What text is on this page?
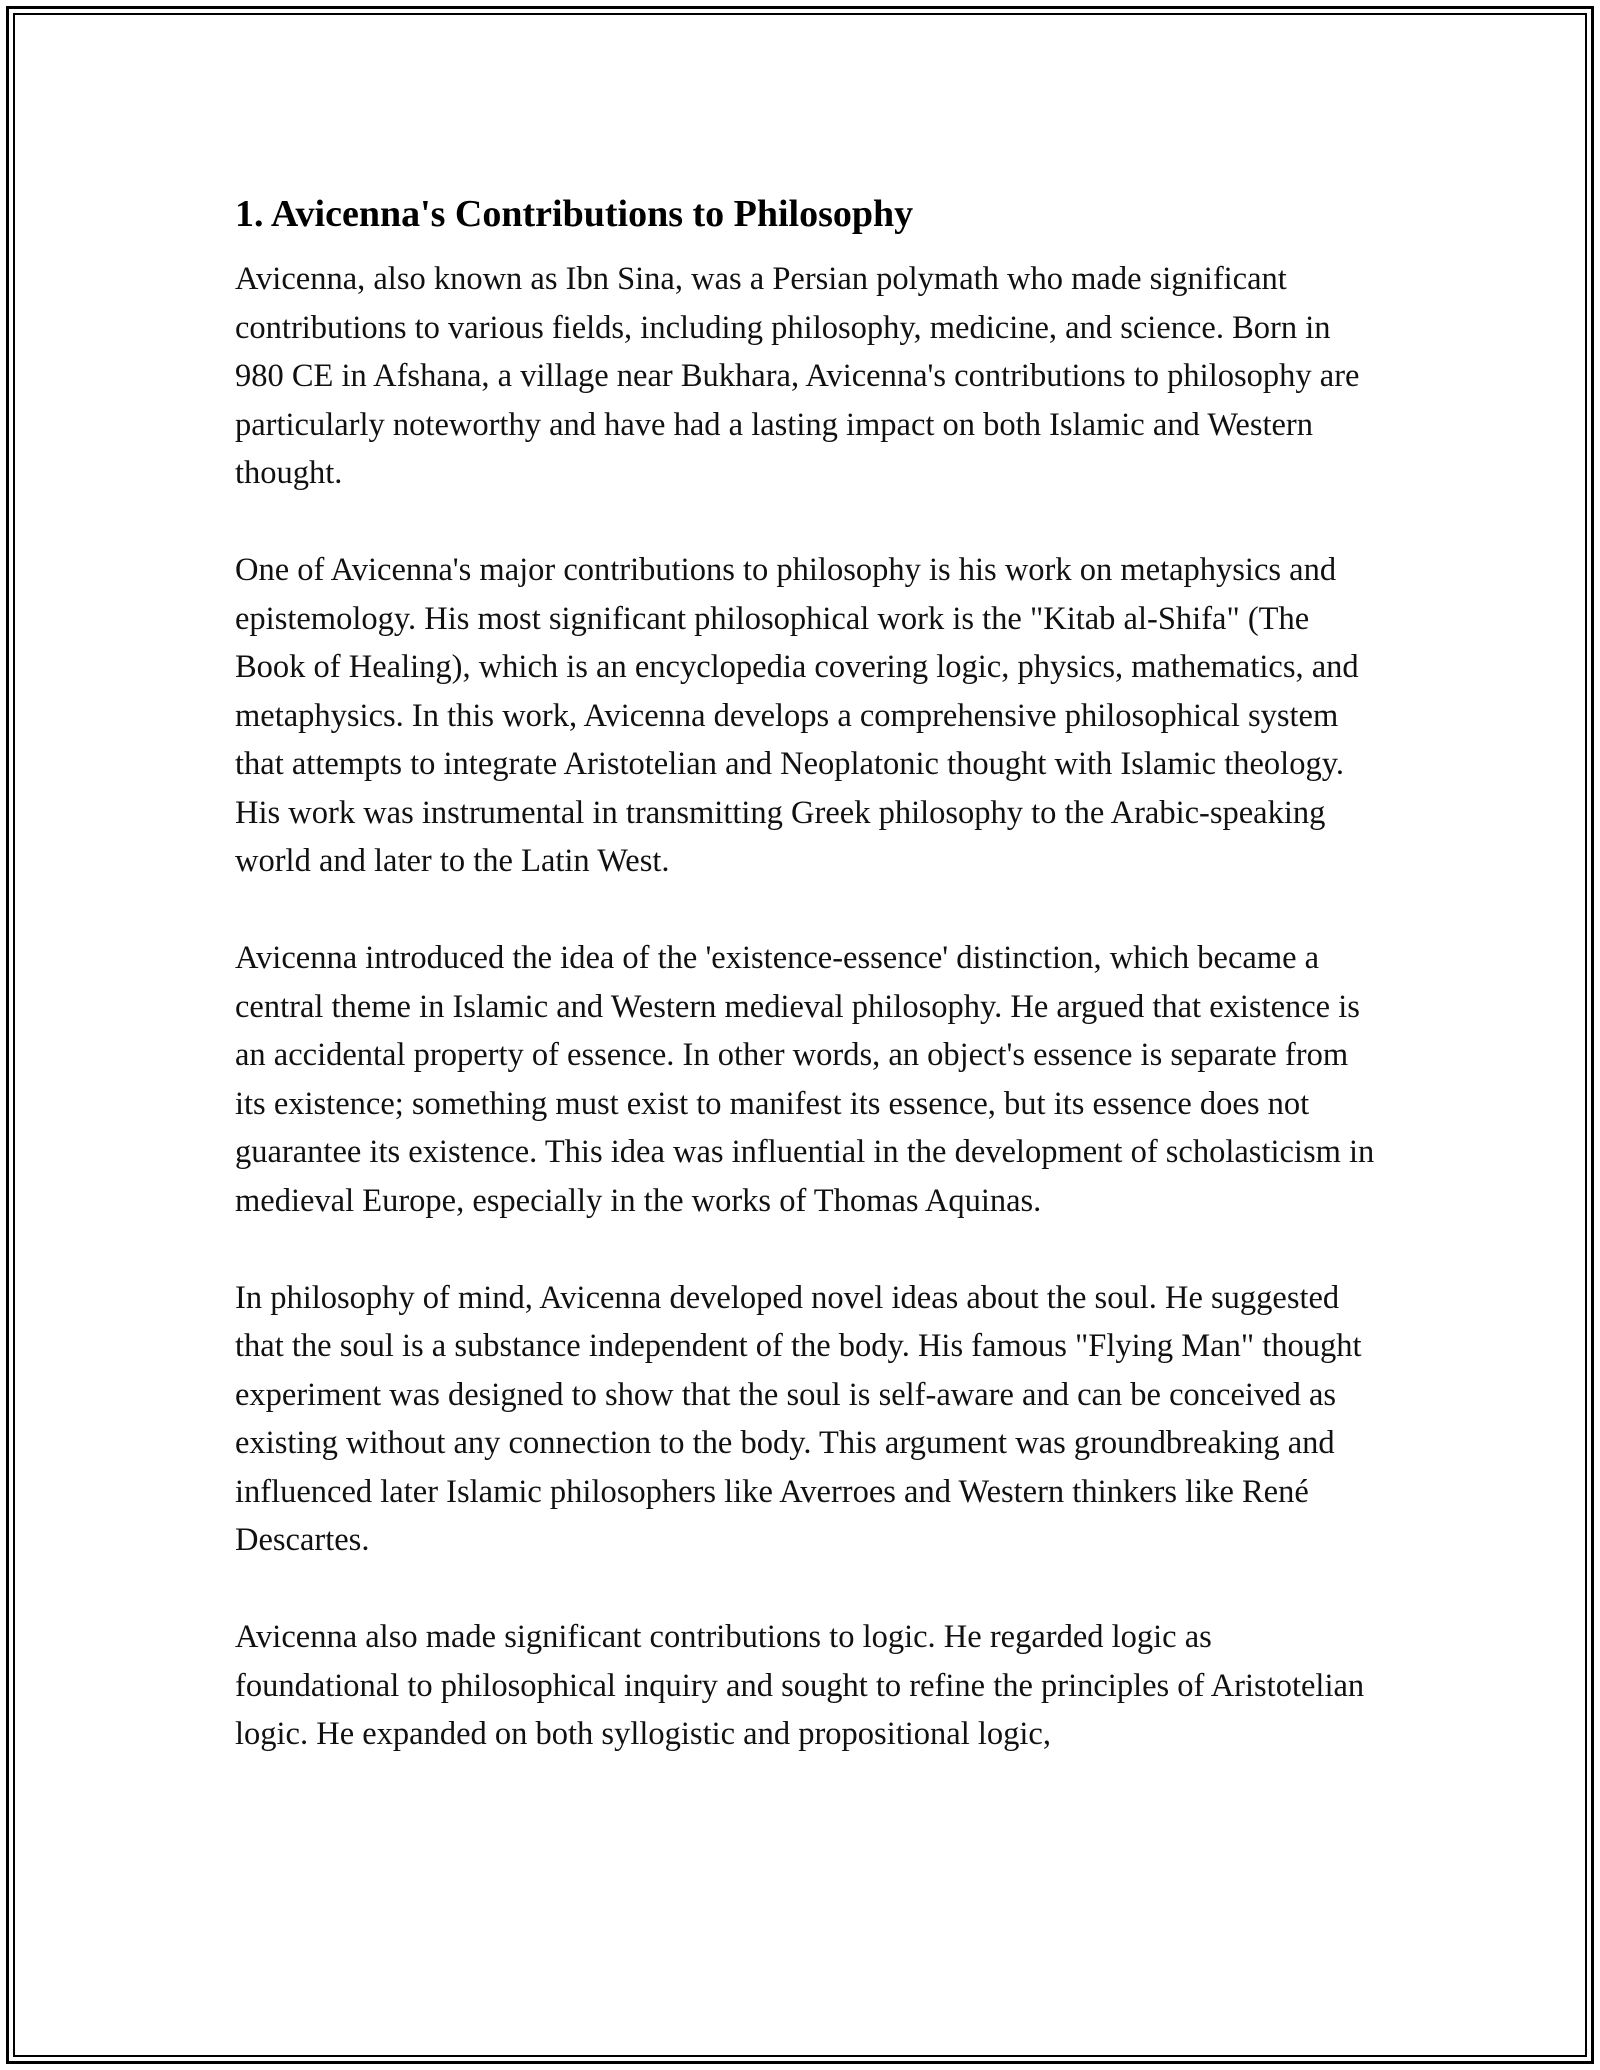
1. Avicenna's Contributions to Philosophy

Avicenna, also known as Ibn Sina, was a Persian polymath who made significant contributions to various fields, including philosophy, medicine, and science. Born in 980 CE in Afshana, a village near Bukhara, Avicenna's contributions to philosophy are particularly noteworthy and have had a lasting impact on both Islamic and Western thought.

One of Avicenna's major contributions to philosophy is his work on metaphysics and epistemology. His most significant philosophical work is the "Kitab al-Shifa" (The Book of Healing), which is an encyclopedia covering logic, physics, mathematics, and metaphysics. In this work, Avicenna develops a comprehensive philosophical system that attempts to integrate Aristotelian and Neoplatonic thought with Islamic theology. His work was instrumental in transmitting Greek philosophy to the Arabic-speaking world and later to the Latin West.

Avicenna introduced the idea of the 'existence-essence' distinction, which became a central theme in Islamic and Western medieval philosophy. He argued that existence is an accidental property of essence. In other words, an object's essence is separate from its existence; something must exist to manifest its essence, but its essence does not guarantee its existence. This idea was influential in the development of scholasticism in medieval Europe, especially in the works of Thomas Aquinas.

In philosophy of mind, Avicenna developed novel ideas about the soul. He suggested that the soul is a substance independent of the body. His famous "Flying Man" thought experiment was designed to show that the soul is self-aware and can be conceived as existing without any connection to the body. This argument was groundbreaking and influenced later Islamic philosophers like Averroes and Western thinkers like René Descartes.

Avicenna also made significant contributions to logic. He regarded logic as foundational to philosophical inquiry and sought to refine the principles of Aristotelian logic. He expanded on both syllogistic and propositional logic,
